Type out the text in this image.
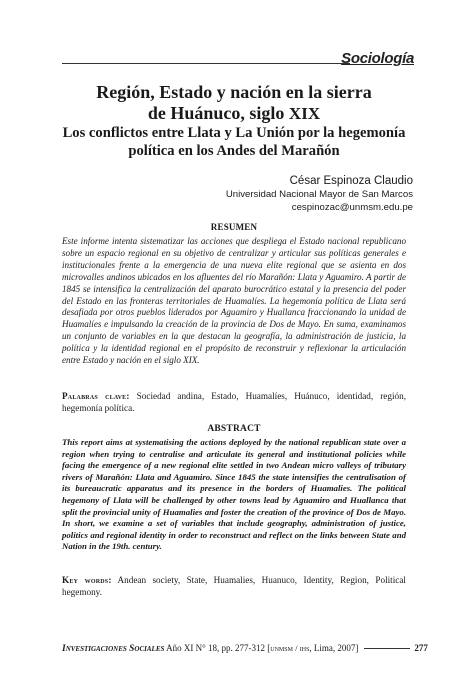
Sociología

Región, Estado y nación en la sierra

de Huánuco, siglo XIX

Los conflictos entre Llata y La Unión por la hegemonía

política en los Andes del Marañón

César Espinoza Claudio
Universidad Nacional Mayor de San Marcos
cespinozac@unmsm.edu.pe
RESUMEN

Este informe intenta sistematizar las acciones que despliega el Estado nacional republicano sobre un espacio regional en su objetivo de centralizar y articular sus políticas generales e institucionales frente a la emergencia de una nueva elite regional que se asienta en dos microvalles andinos ubicados en los afluentes del río Marañón: Llata y Aguamiro. A partir de 1845 se intensifica la centralización del aparato burocrático estatal y la presencia del poder del Estado en las fronteras territoriales de Huamalíes. La hegemonía política de Llata será desafiada por otros pueblos liderados por Aguamiro y Huallanca fraccionando la unidad de Huamalíes e impulsando la creación de la provincia de Dos de Mayo. En suma, examinamos un conjunto de variables en la que destacan la geografía, la administración de justicia, la política y la identidad regional en el propósito de reconstruir y reflexionar la articulación entre Estado y nación en el siglo XIX.

Palabras clave: Sociedad andina, Estado, Huamalíes, Huánuco, identidad, región, hegemonía política.

ABSTRACT

This report aims at systematising the actions deployed by the national republican state over a region when trying to centralise and articulate its general and institutional policies while facing the emergence of a new regional elite settled in two Andean micro valleys of tributary rivers of Marañón: Llata and Aguamiro. Since 1845 the state intensifies the centralisation of its bureaucratic apparatus and its presence in the borders of Huamalies. The political hegemony of Llata will be challenged by other towns lead by Aguamiro and Huallanca that split the provincial unity of Huamalies and foster the creation of the province of Dos de Mayo. In short, we examine a set of variables that include geography, administration of justice, politics and regional identity in order to reconstruct and reflect on the links between State and Nation in the 19th. century.

Key words: Andean society, State, Huamalies, Huanuco, Identity, Region, Political hegemony.

Investigaciones Sociales Año XI N° 18, pp. 277-312 [unmsm / ihs, Lima, 2007]	277
